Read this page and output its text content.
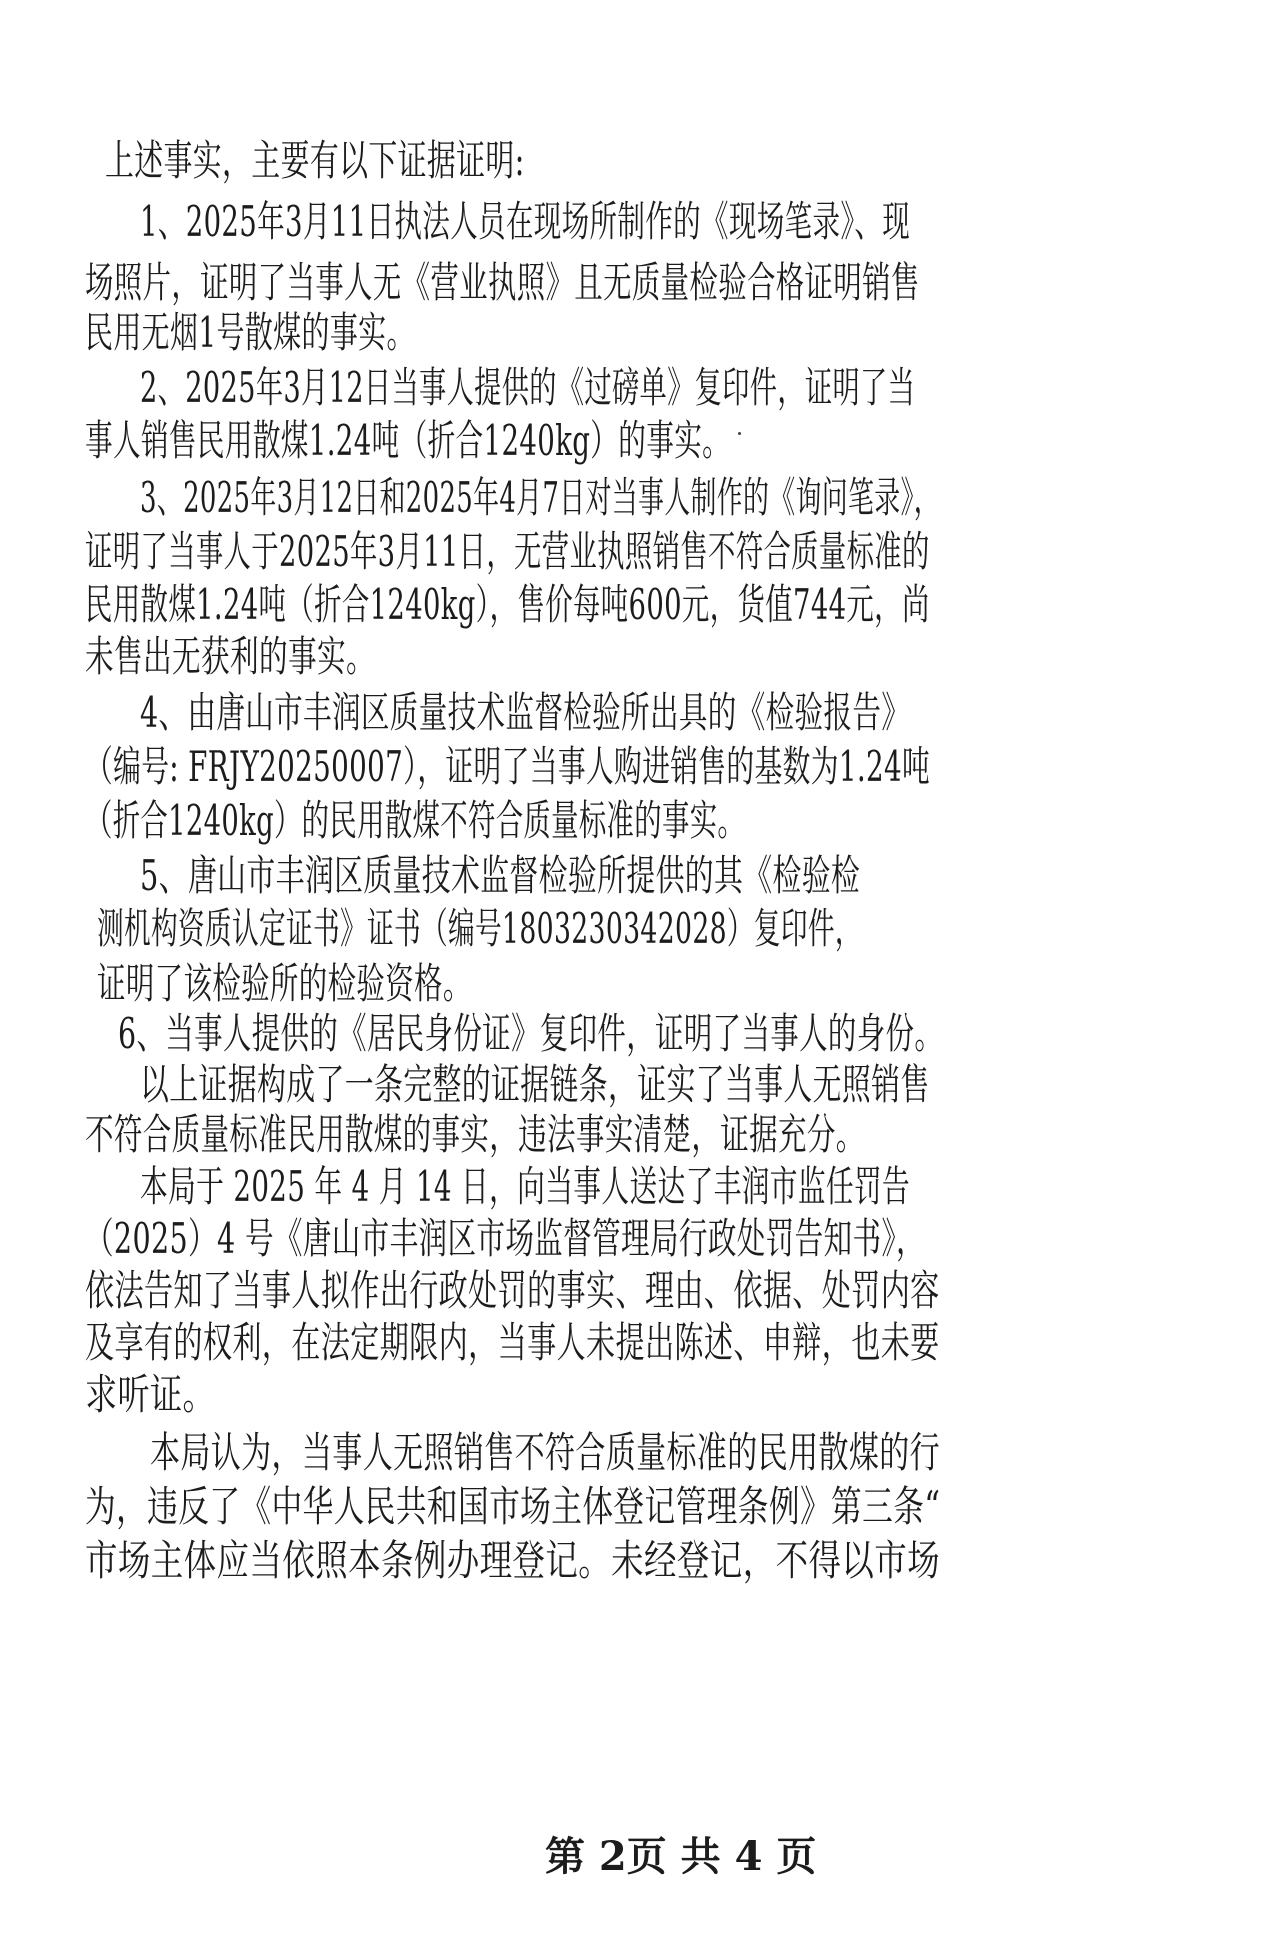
上述事实，主要有以下证据证明:
1、2025年3月11日执法人员在现场所制作的《现场笔录》、现
场照片，证明了当事人无《营业执照》且无质量检验合格证明销售
民用无烟1号散煤的事实。
2、2025年3月12日当事人提供的《过磅单》复印件，证明了当
事人销售民用散煤1.24吨（折合1240kg）的事实。
3、2025年3月12日和2025年4月7日对当事人制作的《询问笔录》，
证明了当事人于2025年3月11日，无营业执照销售不符合质量标准的
民用散煤1.24吨（折合1240kg），售价每吨600元，货值744元，尚
未售出无获利的事实。
4、由唐山市丰润区质量技术监督检验所出具的《检验报告》
（编号: FRJY20250007），证明了当事人购进销售的基数为1.24吨
（折合1240kg）的民用散煤不符合质量标准的事实。
5、唐山市丰润区质量技术监督检验所提供的其《检验检
测机构资质认定证书》证书（编号1803230342028）复印件，
证明了该检验所的检验资格。
6、当事人提供的《居民身份证》复印件，证明了当事人的身份。
以上证据构成了一条完整的证据链条，证实了当事人无照销售
不符合质量标准民用散煤的事实，违法事实清楚，证据充分。
本局于 2025 年 4 月 14 日，向当事人送达了丰润市监任罚告
（2025）4 号《唐山市丰润区市场监督管理局行政处罚告知书》，
依法告知了当事人拟作出行政处罚的事实、理由、依据、处罚内容
及享有的权利，在法定期限内，当事人未提出陈述、申辩，也未要
求听证。
本局认为，当事人无照销售不符合质量标准的民用散煤的行
为，违反了《中华人民共和国市场主体登记管理条例》第三条“
市场主体应当依照本条例办理登记。未经登记，不得以市场
第 2页 共 4 页
